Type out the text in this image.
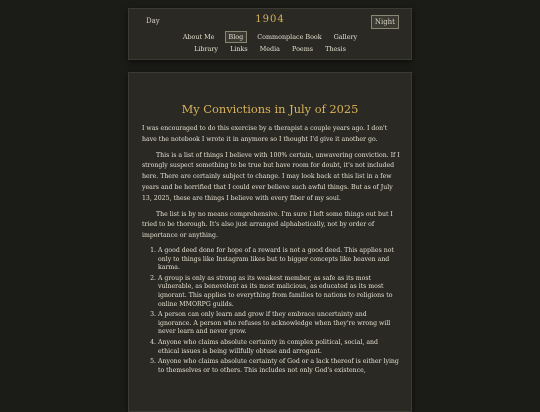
Day	1904	Night
About Me Blog Commonplace Book Gallery
Library Links Media Poems Thesis
My Convictions in July of 2025

I was encouraged to do this exercise by a therapist a couple years ago. I don't have the notebook I wrote it in anymore so I thought I'd give it another go.

This is a list of things I believe with 100% certain, unwavering conviction. If I strongly suspect something to be true but have room for doubt, it's not included here. There are certainly subject to change. I may look back at this list in a few years and be horrified that I could ever believe such awful things. But as of July 13, 2025, these are things I believe with every fiber of my soul.

The list is by no means comprehensive. I'm sure I left some things out but I tried to be thorough. It's also just arranged alphabetically, not by order of importance or anything.

1. A good deed done for hope of a reward is not a good deed. This applies not only to things like Instagram likes but to bigger concepts like heaven and karma.
2. A group is only as strong as its weakest member, as safe as its most vulnerable, as benevolent as its most malicious, as educated as its most ignorant. This applies to everything from families to nations to religions to online MMORPG guilds.
3. A person can only learn and grow if they embrace uncertainty and ignorance. A person who refuses to acknowledge when they're wrong will never learn and never grow.
4. Anyone who claims absolute certainty in complex political, social, and ethical issues is being willfully obtuse and arrogant.
5. Anyone who claims absolute certainty of God or a lack thereof is either lying to themselves or to others. This includes not only God's existence,
